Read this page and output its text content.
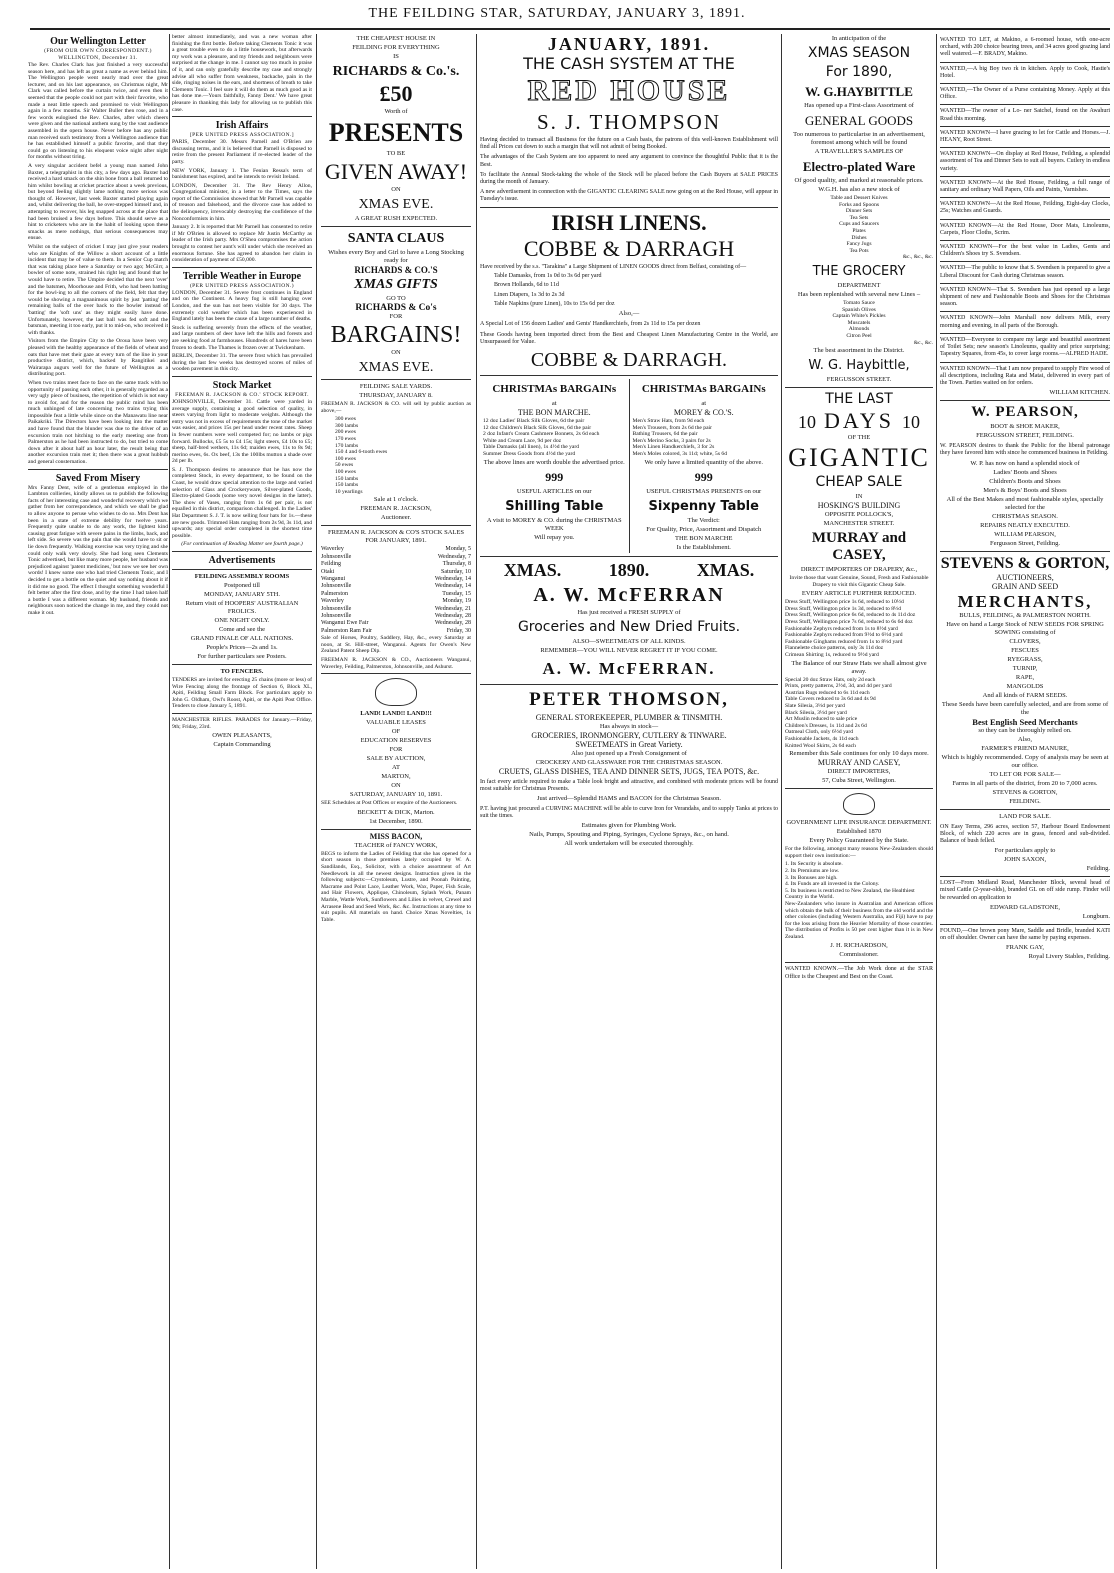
THE FEILDING STAR, SATURDAY, JANUARY 3, 1891.
Our Wellington Letter
(FROM OUR OWN CORRESPONDENT.)
WELLINGTON, December 31.

The Rev. Charles Clark has just finished a very successful season here, and has left as great a name as ever behind him. The Wellington people went nearly mad over the great lecturer, and on his last appearance, on Christmas night, Mr Clark was called before the curtain twice, and even then it seemed that the people could not part with their favorite, who made a neat little speech and promised to visit Wellington again in a few months. Sir Walter Buller then rose, and in a few words eulogised the Rev. Charles, after which cheers were given and the national anthem sung by the vast audience assembled in the opera house. Never before has any public man received such testimony from a Wellington audience that he has established himself a public favorite, and that they could go on listening to his eloquent voice night after night for months without tiring.

A very singular accident befel a young man named John Baxter, a telegraphist in this city, a few days ago. Baxter had received a hard smack on the shin bone from a ball returned to him whilst bowling at cricket practice about a week previous, but beyond feeling slightly lame nothing more serious was thought of. However, last week Baxter started playing again and, whilst delivering the ball, he over-stepped himself and, in attempting to recover, his leg snapped across at the place that had been bruised a few days before. This should serve as a hint to cricketers who are in the habit of looking upon these smacks as mere nothings, that serious consequences may ensue.

Whilst on the subject of cricket I may just give your readers who are Knights of the Willow a short account of a little incident that may be of value to them. In a Senior Cup match that was taking place here a Saturday or two ago; McGirr, a bowler of some note, strained his right leg and found that he would have to retire. The Umpire decided that the next 'over' and the batsmen, Moorhouse and Frith, who had been batting for the bowl-ing to all the corners of the field, felt that they would be showing a magnanimous spirit by just 'patting' the remaining balls of the over back to the bowler instead of 'batting' the 'soft uns' as they might easily have done. Unfortunately, however, the last ball was fed soft and the batsman, meeting it too early, put it to mid-on, who received it with thanks.

Visitors from the Empire City to the Oroua have been very pleased with the healthy appearance of the fields of wheat and oats that have met their gaze at every turn of the line in your productive district, which, backed by Rangitikei and Wairarapa augurs well for the future of Wellington as a distributing port.

When two trains meet face to face on the same track with no opportunity of passing each other, it is generally regarded as a very ugly piece of business, the repetition of which is not easy to avoid for, and for the reason the public mind has been much unhinged of late concerning two trains trying this impossible feat a little while since on the Manawatu line near Paikakriki. The Directors have been looking into the matter and have found that the blunder was due to the driver of an excursion train not hitching to the early meeting one from Palmerston as he had been instructed to do, but tried to come down after it about half an hour later, the result being that another excursion train met it; then there was a great hubbub and general consternation.

Saved From Misery

Mrs Fanny Dent, wife of a gentleman employed in the Lambton collieries, kindly allows us to publish the following facts of her interesting case and wonderful recovery which we gather from her correspondence, and which we shall be glad to allow anyone to peruse who wishes to do so. Mrs Dent has been in a state of extreme debility for twelve years. Frequently quite unable to do any work, the lightest kind causing great fatigue with severe pains in the limbs, back, and left side. So severe was the pain that she would have to sit or lie down frequently. Walking exercise was very trying and she could only walk very slowly. She had long seen Clements Tonic advertised, but like many more people, her husband was prejudiced against 'patent medicines,' but now we see her own words! I knew some one who had tried Clements Tonic, and I decided to get a bottle on the quiet and say nothing about it if it did me no good. The effect I thought something wonderful I felt better after the first dose, and by the time I had taken half a bottle I was a different woman. My husband, friends and neighbours soon noticed the change in me, and they could not make it out.

better almost immediately, and was a new woman after finishing the first bottle. Before taking Clements Tonic it was a great trouble even to do a little housework, but afterwards my work was a pleasure, and my friends and neighbours were surprised at the change in me. I cannot say too much in praise of it, and can only gratefully describe my case and strongly advise all who suffer from weakness, backache, pain in the side, ringing noises in the ears, and shortness of breath to take Clements Tonic. I feel sure it will do them as much good as it has done me.—Yours faithfully, Fanny Dent.' We have great pleasure in thanking this lady for allowing us to publish this case.

Irish Affairs
[PER UNITED PRESS ASSOCIATION.]

PARIS, December 30. Messrs Parnell and O'Brien are discussing terms, and it is believed that Parnell is disposed to retire from the present Parliament if re-elected leader of the party.

NEW YORK, January 1. The Fenian Ressa's term of banishment has expired, and he intends to revisit Ireland.

LONDON, December 31. The Rev Henry Allon, Congregational minister, in a letter to the Times, says the report of the Commission showed that Mr Parnell was capable of treason and falsehood, and the divorce case has added to the delinquency, irrevocably destroying the confidence of the Nonconformists in him.

January 2. It is reported that Mr Parnell has consented to retire if Mr O'Brien is allowed to replace Mr Justin McCarthy as leader of the Irish party. Mrs O'Shea compromises the action brought to contest her aunt's will under which she received an enormous fortune. She has agreed to abandon her claim in consideration of payment of £50,000.

Terrible Weather in Europe
(PER UNITED PRESS ASSOCIATION.)

LONDON, December 31. Severe frost continues in England and on the Continent. A heavy fog is still hanging over London, and the sun has not been visible for 30 days. The extremely cold weather which has been experienced in England lately has been the cause of a large number of deaths.

Stock is suffering severely from the effects of the weather, and large numbers of deer have left the hills and forests and are seeking food at farmhouses. Hundreds of hares have been frozen to death. The Thames is frozen over at Twickenham.

BERLIN, December 31. The severe frost which has prevailed during the last few weeks has destroyed scores of miles of wooden pavement in this city.

Stock Market
FREEMAN R. JACKSON & CO.' STOCK REPORT.

JOHNSONVILLE, December 31. Cattle were yarded in average supply, containing a good selection of quality, in steers varying from light to moderate weights. Although the entry was not in excess of requirements the tone of the market was easier, and prices 15s per head under recent rates. Sheep in fewer numbers were well competed for; no lambs or pigs forward. Bullocks, £5 5s to £4 15s; light steers, £4 10s to £5; sheep, half-bred wethers, 11s 6d; maiden ewes, 11s to 8s 9d; merino ewes, 6s. Ox beef, 13s the 100lbs mutton a shade over 2d per lb.

S. J. Thompson desires to announce that he has now the completest Stock, in every department, to be found on the Coast, he would draw special attention to the large and varied selection of Glass and Crockeryware, Silver-plated Goods, Electro-plated Goods (some very novel designs in the latter). The show of Vases, ranging from 1s 6d per pair, is not equalled in this district, comparison challenged. In the Ladies' Hat Department S. J. T. is now selling four hats for 1s.—these are new goods. Trimmed Hats ranging from 2s 9d, 3s 11d, and upwards; any special order completed in the shortest time possible.

(For continuation of Reading Matter see fourth page.)

Advertisements
FEILDING ASSEMBLY ROOMS
Postponed till
MONDAY, JANUARY 5TH.
Return visit of HOOPERS' AUSTRALIAN FROLICS.
ONE NIGHT ONLY.
Come and see the
GRAND FINALE OF ALL NATIONS.
People's Prices—2s and 1s.
For further particulars see Posters.
TO FENCERS.

TENDERS are invited for erecting 25 chains (more or less) of Wire Fencing along the frontage of Section 6, Block XL, Apiti, Feilding Small Farm Block. For particulars apply to John G. Oldham, Owl's Roost, Apiti, or the Apiti Post Office. Tenders to close January 5, 1891.

MANCHESTER RIFLES. PARADES for January.—Friday, 9th; Friday, 23rd.

OWEN PLEASANTS,
Captain Commanding
THE CHEAPEST HOUSE IN
FEILDING FOR EVERYTHING
IS
RICHARDS & Co.'s.
£50
Worth of
PRESENTS
TO BE
GIVEN AWAY!
ON
XMAS EVE.
A GREAT RUSH EXPECTED.
SANTA CLAUS
Wishes every Boy and Girl to have a Long Stocking ready for
RICHARDS & CO.'S
XMAS GIFTS
GO TO
RICHARDS & Co's
FOR
BARGAINS!
ON
XMAS EVE.
FEILDING SALE YARDS.
THURSDAY, JANUARY 8.

FREEMAN R. JACKSON & CO. will sell by public auction as above,—

300 ewes
300 lambs
200 ewes
170 ewes
170 lambs
150 4 and 6-tooth ewes
100 ewes
50 ewes
100 ewes
150 lambs
150 lambs
10 yearlings
Sale at 1 o'clock.
FREEMAN R. JACKSON,
Auctioneer.
FREEMAN R. JACKSON & CO'S STOCK SALES FOR JANUARY, 1891.
Waverley	Monday, 5
Johnsonville	Wednesday, 7
Feilding	Thursday, 8
Otaki	Saturday, 10
Wanganui	Wednesday, 14
Johnsonville	Wednesday, 14
Palmerston	Tuesday, 15
Waverley	Monday, 19
Johnsonville	Wednesday, 21
Johnsonville	Wednesday, 28
Wanganui Ewe Fair	Wednesday, 28
Palmerston Ram Fair	Friday, 30

Sale of Horses, Poultry, Saddlery, Hay, &c., every Saturday at noon, at St. Hill-street, Wanganui. Agents for Owen's New Zealand Patent Sheep Dip.

FREEMAN R. JACKSON & CO., Auctioneers Wanganui, Waverley, Feilding, Palmerston, Johnsonville, and Ashurst.

LAND! LAND!! LAND!!!
VALUABLE LEASES
OF
EDUCATION RESERVES
FOR
SALE BY AUCTION,
AT
MARTON,
ON
SATURDAY, JANUARY 10, 1891.

SEE Schedules at Post Offices or enquire of the Auctioneers.

BECKETT & DICK, Marton.
1st December, 1890.
MISS BACON,
TEACHER of FANCY WORK,

BEGS to inform the Ladies of Feilding that she has opened for a short season in those premises lately occupied by W. A. Sandilands, Esq., Solicitor, with a choice assortment of Art Needlework in all the newest designs. Instruction given in the following subjects:—Crystoleum, Lustre, and Poonah Painting, Macrame and Point Lace, Leather Work, Wax, Paper, Fish Scale, and Hair Flowers, Applique, Chinoleum, Splash Work, Panam Marble, Wattle Work, Sunflowers and Lilies in velvet, Crewel and Arrasene Bead and Seed Work, &c. &c. Instructions at any time to suit pupils. All materials on hand. Choice Xmas Novelties, 1s Table.

JANUARY, 1891.
THE CASH SYSTEM AT THE
RED HOUSE
S. J. THOMPSON

Having decided to transact all Business for the future on a Cash basis, the patrons of this well-known Establishment will find all Prices cut down to such a margin that will not admit of being Booked.

The advantages of the Cash System are too apparent to need any argument to convince the thoughtful Public that it is the Best.

To facilitate the Annual Stock-taking the whole of the Stock will be placed before the Cash Buyers at SALE PRICES during the month of January.

A new advertisement in connection with the GIGANTIC CLEARING SALE now going on at the Red House, will appear in Tuesday's issue.

IRISH LINENS.
COBBE & DARRAGH

Have received by the s.s. "Tarakina" a Large Shipment of LINEN GOODS direct from Belfast, consisting of—

Table Damasks, from 1s 0d to 3s 6d per yard
Brown Hollands, 6d to 11d
Linen Diapers, 1s 3d to 2s 3d
Table Napkins (pure Linen), 10s to 15s 6d per doz
Also,—

A Special Lot of 156 dozen Ladies' and Gents' Handkerchiefs, from 2s 11d to 15s per dozen

These Goods having been imported direct from the Best and Cheapest Linen Manufacturing Centre in the World, are Unsurpassed for Value.

COBBE & DARRAGH.
CHRISTMAs BARGAINs
at
THE BON MARCHE.
12 doz Ladies' Black Silk Gloves, 6d the pair
12 doz Children's Black Silk Gloves, 6d the pair
2 doz Infant's Cream Cashmere Bonnets, 2s 6d each
White and Cream Lace, 9d per doz
Table Damasks (all linen), 1s 4½d the yard
Summer Dress Goods from 4½d the yard
The above lines are worth double the advertised price.
999
USEFUL ARTICLES on our
Shilling Table
A visit to MOREY & CO. during the CHRISTMAS WEEK
Will repay you.
CHRISTMAs BARGAINs
at
MOREY & CO.'S.
Men's Straw Hats, from 9d each
Men's Trousers, from 2s 6d the pair
Bathing Trousers, 6d the pair
Men's Merino Socks, 3 pairs for 2s
Men's Linen Handkerchiefs, 3 for 2s
Men's Moles colored, 3s 11d; white, 5s 6d
We only have a limited quantity of the above.
999
USEFUL CHRISTMAS PRESENTS on our
Sixpenny Table
The Verdict:
For Quality, Price, Assortment and Dispatch
THE BON MARCHE
Is the Establishment.
XMAS.	1890.	XMAS.
A. W. McFERRAN
Has just received a FRESH SUPPLY of
Groceries and New Dried Fruits.
ALSO—SWEETMEATS OF ALL KINDS.
REMEMBER—YOU WILL NEVER REGRET IT IF YOU COME.
A. W. McFERRAN.
PETER THOMSON,
GENERAL STOREKEEPER, PLUMBER & TINSMITH.
Has always in stock—
GROCERIES, IRONMONGERY, CUTLERY & TINWARE.
SWEETMEATS in Great Variety.
Also just opened up a Fresh Consignment of
CROCKERY AND GLASSWARE FOR THE CHRISTMAS SEASON.
CRUETS, GLASS DISHES, TEA AND DINNER SETS, JUGS, TEA POTS, &c.

In fact every article required to make a Table look bright and attractive, and combined with moderate prices will be found most suitable for Christmas Presents.

Just arrived—Splendid HAMS and BACON for the Christmas Season.

P.T. having just procured a CURVING MACHINE will be able to curve Iron for Verandahs, and to supply Tanks at prices to suit the times.

Estimates given for Plumbing Work.
Nails, Pumps, Spouting and Piping, Syringes, Cyclone Sprays, &c., on hand.
All work undertaken will be executed thoroughly.
In anticipation of the
XMAS SEASON
For 1890,
W. G.HAYBITTLE
Has opened up a First-class Assortment of
GENERAL GOODS
Too numerous to particularise in an advertisement, foremost among which will be found
A TRAVELLER'S SAMPLES OF
Electro-plated Ware
Of good quality, and marked at reasonable prices.
W.G.H. has also a new stock of
Table and Dessert Knives
Forks and Spoons
Dinner Sets
Tea Sets
Cups and Saucers
Plates
Dishes
Fancy Jugs
Tea Pots
&c., &c., &c.
THE GROCERY
DEPARTMENT
Has been replenished with several new Lines –
Tomato Sauce
Spanish Olives
Captain White's Pickles
Muscatels
Almonds
Citron Peel
&c., &c.
The best assortment in the District.
W. G. Haybittle,
FERGUSSON STREET.
THE LAST
10 DAYS 10
OF THE
GIGANTIC
CHEAP SALE
IN
HOSKING'S BUILDING
OPPOSITE POLLOCK'S,
MANCHESTER STREET.
MURRAY and CASEY,
DIRECT IMPORTERS OF DRAPERY, &c.,

Invite those that want Genuine, Sound, Fresh and Fashionable Drapery to visit this Gigantic Cheap Sale.

EVERY ARTICLE FURTHER REDUCED.
Dress Stuff, Wellington price 1s 6d, reduced to 10½d
Dress Stuff, Wellington price 1s 3d, reduced to 8½d
Dress Stuff, Wellington price 6s 6d, reduced to 4s 11d doz
Dress Stuff, Wellington price 7s 6d, reduced to 6s 6d doz
Fashionable Zephyrs reduced from 1s to 8½d yard
Fashionable Zephyrs reduced from 9½d to 6½d yard
Fashionable Ginghams reduced from 1s to 8½d yard
Flannelette choice patterns, only 3s 11d doz
Crimean Shirting 1s, reduced to 9½d yard
The Balance of our Straw Hats we shall almost give away.
Special 20 doz Straw Hats, only 2d each
Prints, pretty patterns, 2½d, 3d, and 4d per yard
Austrian Rugs reduced to 6s 11d each
Table Covers reduced to 3s 6d and 4s 9d
Slate Silesia, 3½d per yard
Black Silesia, 3½d per yard
Art Muslin reduced to sale price
Children's Dresses, 1s 11d and 2s 6d
Oatmeal Cloth, only 6½d yard
Fashionable Jackets, 4s 11d each
Knitted Wool Skirts, 2s 6d each
Remember this Sale continues for only 10 days more.
MURRAY AND CASEY,
DIRECT IMPORTERS,
57, Cuba Street, Wellington.
GOVERNMENT LIFE INSURANCE DEPARTMENT.
Established 1870
Every Policy Guaranteed by the State.

For the following, amongst many reasons New-Zealanders should support their own institution:—

1. Its Security is absolute.
2. Its Premiums are low.
3. Its Bonuses are high.
4. Its Funds are all invested in the Colony.
5. Its business is restricted to New Zealand, the Healthiest Country in the World.

New-Zealanders who insure in Australian and American offices which obtain the bulk of their business from the old world and the other colonies (including Western Australia, and Fiji) have to pay for the loss arising from the Heavier Mortality of those countries. The distribution of Profits is 50 per cent higher than it is in New Zealand.

J. H. RICHARDSON,
Commissioner.

WANTED KNOWN.—The Job Work done at the STAR Office is the Cheapest and Best on the Coast.

WANTED TO LET, at Makino, a 6-roomed house, with one-acre orchard, with 200 choice bearing trees, and 34 acres good grazing land well watered.—F. BRADY, Makino.

WANTED,—A big Boy two rk in kitchen. Apply to Cook, Hastie's Hotel.

WANTED,—The Owner of a Purse containing Money. Apply at this Office.

WANTED—The owner of a Lo- ner Satchel, found on the Awahuri Road this morning.

WANTED KNOWN—I have grazing to let for Cattle and Horses.—J. HEANY, Root Street.

WANTED KNOWN—On display at Red House, Feilding, a splendid assortment of Tea and Dinner Sets to suit all buyers. Cutlery in endless variety.

WANTED KNOWN—At the Red House, Feilding, a full range of sanitary and ordinary Wall Papers, Oils and Paints, Varnishes.

WANTED KNOWN—At the Red House, Feilding, Eight-day Clocks, 25s; Watches and Guards.

WANTED KNOWN—At the Red House, Door Mats, Linoleums, Carpets, Floor Cloths, Scrim.

WANTED KNOWN—For the best value in Ladies, Gents and Children's Shoes try S. Svendsen.

WANTED—The public to know that S. Svendsen is prepared to give a Liberal Discount for Cash during Christmas season.

WANTED KNOWN—That S. Svendsen has just opened up a large shipment of new and Fashionable Boots and Shoes for the Christmas season.

WANTED KNOWN—John Marshall now delivers Milk, every morning and evening, in all parts of the Borough.

WANTED—Everyone to compare my large and beautiful assortment of Toilet Sets; new season's Linoleums, quality and price surprising; Tapestry Squares, from 45s, to cover large rooms.—ALFRED HADE.

WANTED KNOWN—That I am now prepared to supply Fire wood of all descriptions, including Rata and Matai, delivered in every part of the Town. Parties waited on for orders.

WILLIAM KITCHEN.
W. PEARSON,
BOOT & SHOE MAKER,
FERGUSSON STREET, FEILDING.

W. PEARSON desires to thank the Public for the liberal patronage they have favored him with since he commenced business in Feilding.

W. P. has now on hand a splendid stock of
Ladies' Boots and Shoes
Children's Boots and Shoes
Men's & Boys' Boots and Shoes
All of the Best Makes and most fashionable styles, specially selected for the
CHRISTMAS SEASON.
REPAIRS NEATLY EXECUTED.
WILLIAM PEARSON,
Fergusson Street, Feilding.
STEVENS & GORTON,
AUCTIONEERS,
GRAIN AND SEED
MERCHANTS,
BULLS, FEILDING, & PALMERSTON NORTH.
Have on hand a Large Stock of NEW SEEDS FOR SPRING SOWING consisting of
CLOVERS,
FESCUES
RYEGRASS,
TURNIP,
RAPE,
MANGOLDS
And all kinds of FARM SEEDS.
These Seeds have been carefully selected, and are from some of the
Best English Seed Merchants
so they can be thoroughly relied on.
Also,
FARMER'S FRIEND MANURE,
Which is highly recommended. Copy of analysis may be seen at our office.
TO LET OR FOR SALE—
Farms in all parts of the district, from 20 to 7,000 acres.
STEVENS & GORTON,
FEILDING.
LAND FOR SALE.

ON Easy Terms, 296 acres, section 57, Harbour Board Endowment Block, of which 220 acres are in grass, fenced and sub-divided. Balance of bush felled.

For particulars apply to
JOHN SAXON,
Feilding.

LOST—From Midland Road, Manchester Block, several head of mixed Cattle (2-year-olds), branded GL on off side rump. Finder will be rewarded on application to

EDWARD GLADSTONE,
Longburn.

FOUND,—One brown pony Mare, Saddle and Bridle, branded KATI on off shoulder. Owner can have the same by paying expenses.

FRANK GAY,
Royal Livery Stables, Feilding.
